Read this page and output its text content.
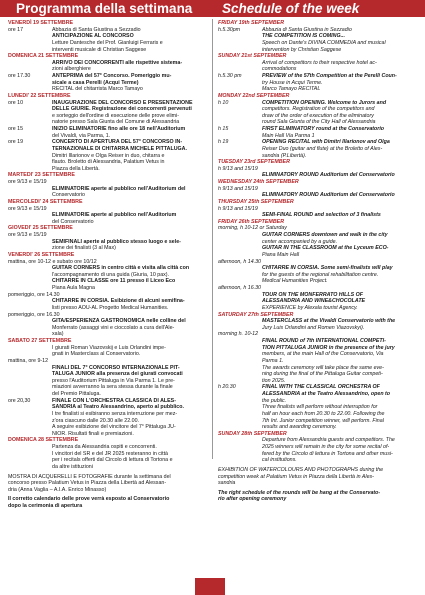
Programma della settimana Schedule of the week
VENERDÌ 19 SETTEMBRE
ore 17	Abbazia di Santa Giustina a Sezzadio
ANTICIPAZIONE AL CONCORSO
Letture Dantesche del Prof. Gianluigi Ferraris e
interventi musicale di Christian Saggese
DOMENICA 21 SETTEMBRE
ARRIVO DEI CONCORRENTI alle rispettive sistema-
zioni alberghiere
ore 17.30	ANTEPRIMA del 57° Concorso. Pomeriggio mu-
sicale a casa Perelli (Acqui Terme)
RECITAL del chitarrista Marco Tamayo
LUNEDI' 22 SETTEMBRE
ore 10	INAUGURAZIONE DEL CONCORSO E PRESENTAZIONE
DELLE GIURIE. Registrazione dei concorrenti pervenuti
e sorteggio dell'ordine di esecuzione delle prove elimi-
natorie presso Sala Giunta del Comune di Alessandria
ore 15	INIZIO ELIMINATORIE fino alle ore 18 nell'Auditorium
del Vivaldi, via Parma, 1.
ore 19	CONCERTO DI APERTURA DEL 57° CONCORSO IN-
TERNAZIONALE DI CHITARRA MICHELE PITTALUGA.
Dimitri Illarionov e Olga Reiser in duo, chitarra e
flauto. Broletto di Alessandria, Palatium Vetus in
Piazza della Libertà.
MARTEDI' 23 SETTEMBRE
ore 9/13 e 15/19
ELIMINATORIE aperte al pubblico nell'Auditorium del
Conservatorio
MERCOLEDI' 24 SETTEMBRE
ore 9/13 e 15/19
ELIMINATORIE aperte al pubblico nell'Auditorium
del Conservatorio
GIOVEDI' 25 SETTEMBRE
ore 9/13 e 15/19
SEMIFINALI aperte al pubblico stesso luogo e sele-
zione dei finalisti (3 al Max)
VENERDI' 26 SETTEMBRE
mattina, ore 10-12 e subato ore 10/12
GUITAR CORNERS in centro città e visita alla città con
l'accompagnamento di una guida (Giuria, 10 pax).
CHITARRE IN CLASSE ore 11 presso il Liceo Eco
Piana Aula Magna
pomeriggio, ore 14.30
CHITARRE IN CORSIA. Esibizione di alcuni semifina-
listi presso AOU-AL Progetto Medical Humanities.
pomeriggio, ore 16.30
GITA/ESPERIENZA GASTRONOMICA nelle colline del
Monferrato (assaggi vini e cioccolato a cura dell'Ale-
xala)
SABATO 27 SETTEMBRE
I giurati Roman Viazovskij e Luis Orlandini impe-
gnati in Masterclass al Conservatorio.
mattina, ore 9-12
FINALI DEL 7° CONCORSO INTERNAZIONALE PIT-
TALUGA JUNIOR alla presenza dei giurati convocati
presso l'Auditorium Pittaluga in Via Parma 1. Le pre-
miazioni avverranno la sera stessa durante la finale
del Premio Pittaluga.
ore 20,30	FINALE CON L'ORCHESTRA CLASSICA DI ALES-
SANDRIA al Teatro Alessandrino, aperto al pubblico.
I tre finalisti si esibiranno senza interruzione per mez-
z'ora ciascuno dalle 20.30 alle 22.00.
A seguire esibizione del vincitore del 7° Pittaluga JU-
NIOR. Risultati finali e premiazioni.
DOMENICA 28 SETTEMBRE
Partenza da Alessandria ospiti e concorrenti.
I vincitori del SR e del JR 2025 resteranno in città
per i recitals offerti dal Circolo di lettura di Tortona e
da altre istituzioni
MOSTRA DI ACQUERELLI E FOTOGRAFIE durante la settimana del
concorso presso Palatium Vetus in Piazza della Libertà ad Alessan-
dria (Anna Vaglia – A.I.A. Enrico Minasso)
Il corretto calendario delle prove verrà esposto al Conservatorio
dopo la cerimonia di apertura
FRIDAY 19th SEPTEMBER
h.5.30pm	Abbazia di Santa Giustina in Sezzadio
THE COMPETITION IS COMING...
Speech on Dante's DIVINA COMMEDIA and musical
intervention by Christian Saggese
SUNDAY 21st SEPTEMBER
Arrival of competitors to their respective hotel ac-
commodations
h.5.30 pm	PREVIEW of the 57th Competition at the Perelli Coun-
try House in Acqui Terme.
Marco Tamayo RECITAL
MONDAY 22nd SEPTEMBER
h 10	COMPETITION OPENING. Welcome to Jurors and
competitors. Registration of the competitors and
draw of the order of execution of the eliminatory
round Sala Giunta of the City Hall of Alessandria
h 15	FIRST ELIMINATORY round at the Conservatorio
Main Hall Via Parma 1
h 19	OPENING RECITAL with Dimitri Illarionov and Olga
Reiser Duo (guitar and flute) at the Broletto of Ales-
sandria (P.Libertà).
TUESDAY 23rd SEPTEMBER
h 9/13 and 15/19
ELIMINATORY ROUND Auditorium del Conservatorio
WEDNESDAY 24th SEPTEMBER
h 9/13 and 15/19
ELIMINATORY ROUND Auditorium del Conservatorio
THURSDAY 25th SEPTEMBER
h 9/13 and 15/19
SEMI-FINAL ROUND and selection of 3 finalists
FRIDAY 26th SEPTEMBER
morning, h 10-12 or Saturday
GUITAR CORNERS downtown and walk in the city
center accompanied by a guide.
GUITAR IN THE CLASSROOM at the Lyceum ECO-
Piana Main Hall
afternoon, h 14.30
CHITARRE IN CORSIA. Some semi-finalists will play
for the guests of the regional rehabilitation centre.
Medical Humanities Project.
afternoon, h 16.30
TOUR ON THE MONFERRATO HILLS OF
ALESSANDRIA AND WINE&CHOCOLATE
EXPERIENCE by Alexala tourist Agency.
SATURDAY 27th SEPTEMBER
MASTERCLASS at the Vivaldi Conservatorio with the
Jury Luis Orlandini and Romen Viazovskyi).
morning h. 10-12
FINAL ROUND of 7th INTERNATIONAL COMPETI-
TION PITTALUGA JUNIOR in the presence of the jury
members, at the main Hall of the Conservatorio, Via
Parma 1.
The awards ceremony will take place the same eve-
ning during the final of the Pittaluga Guitar competi-
tion 2025.
h 20.30	FINAL WITH THE CLASSICAL ORCHESTRA OF
ALESSANDRIA at the Teatro Alessandrino, open to
the public.
Three finalists will perform without interruption for
half an hour each from 20.30 to 22.00. Following the
7th Int. Junior competition winner, will perform. Final
results and awarding ceremony.
SUNDAY 28th SEPTEMBER
Departure from Alessandria guests and competitors. The
2025 winners will remain in the city for some recital of-
fered by the Circolo di lettura in Tortona and other musi-
cal institutions.
EXHIBITION OF WATERCOLOURS AND PHOTOGRAPHS during the
competition week at Palatium Vetus in Piazza della Libertà in Ales-
sandria
The right schedule of the rounds will be hang at the Conservato-
rio after opening ceremony
